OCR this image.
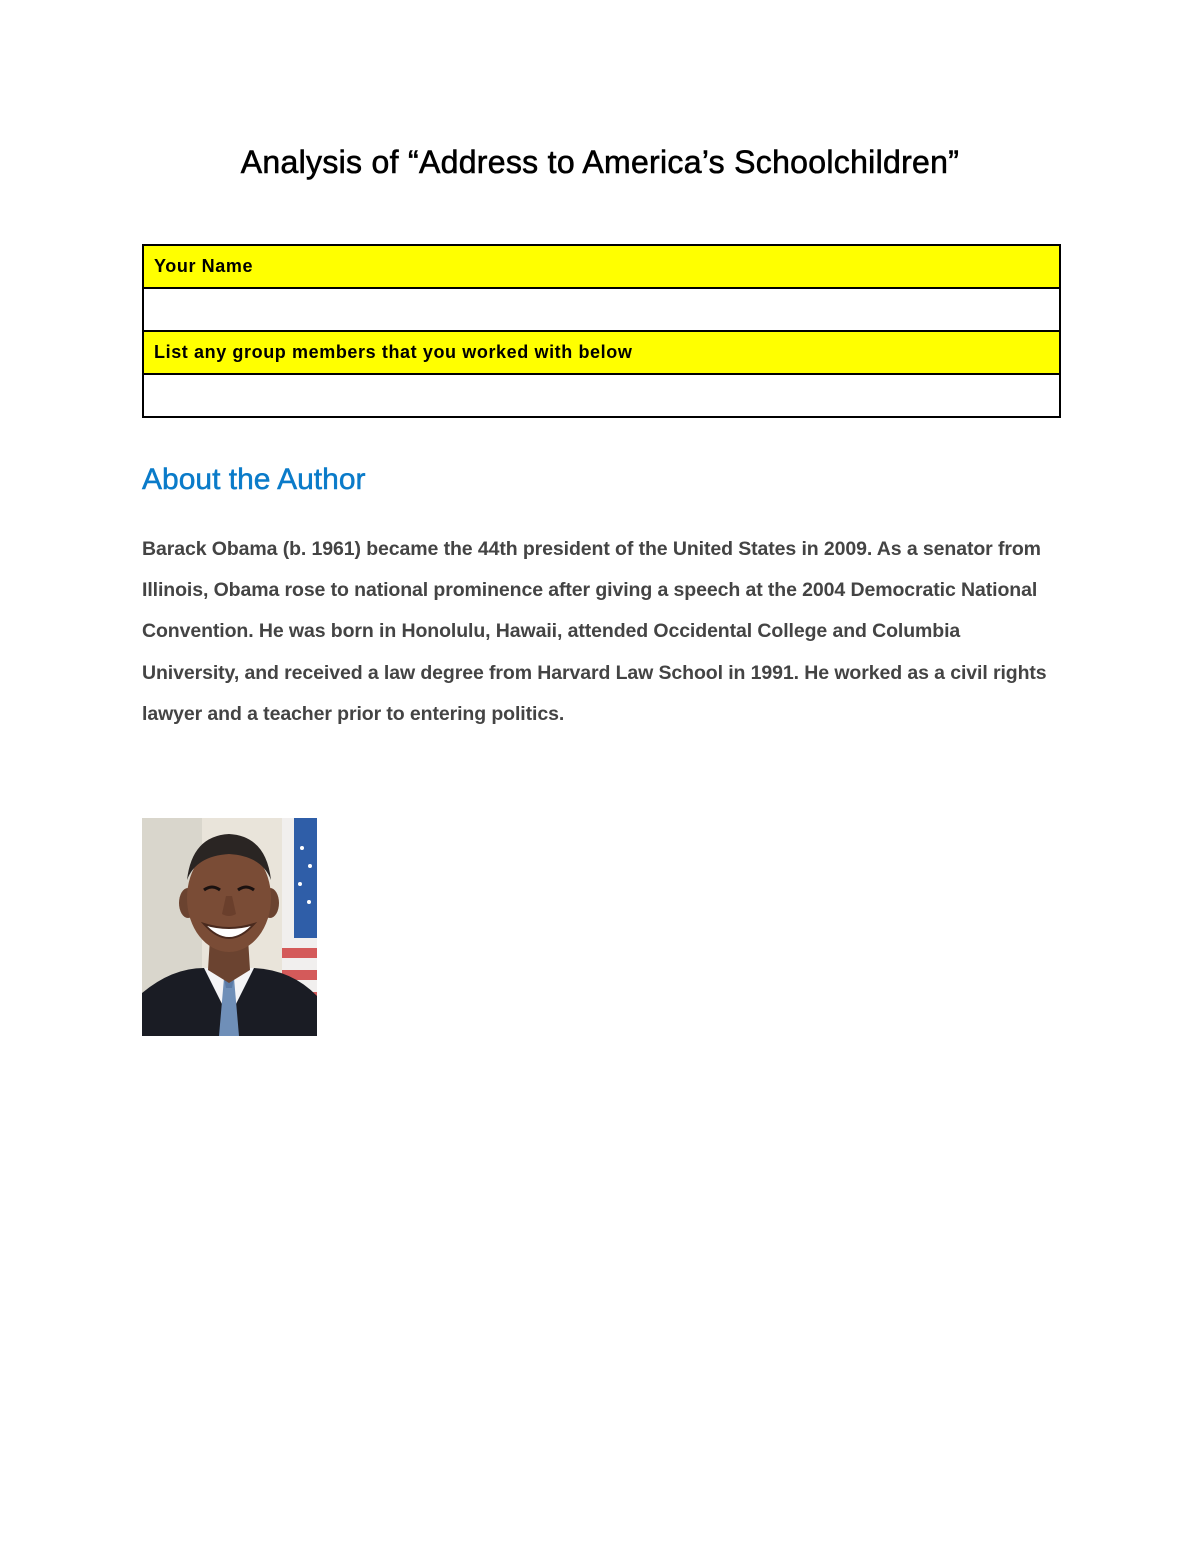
Analysis of “Address to America’s Schoolchildren”
Your Name

List any group members that you worked with below

About the Author

Barack Obama (b. 1961) became the 44th president of the United States in 2009. As a senator from Illinois, Obama rose to national prominence after giving a speech at the 2004 Democratic National Convention. He was born in Honolulu, Hawaii, attended Occidental College and Columbia University, and received a law degree from Harvard Law School in 1991. He worked as a civil rights lawyer and a teacher prior to entering politics.
